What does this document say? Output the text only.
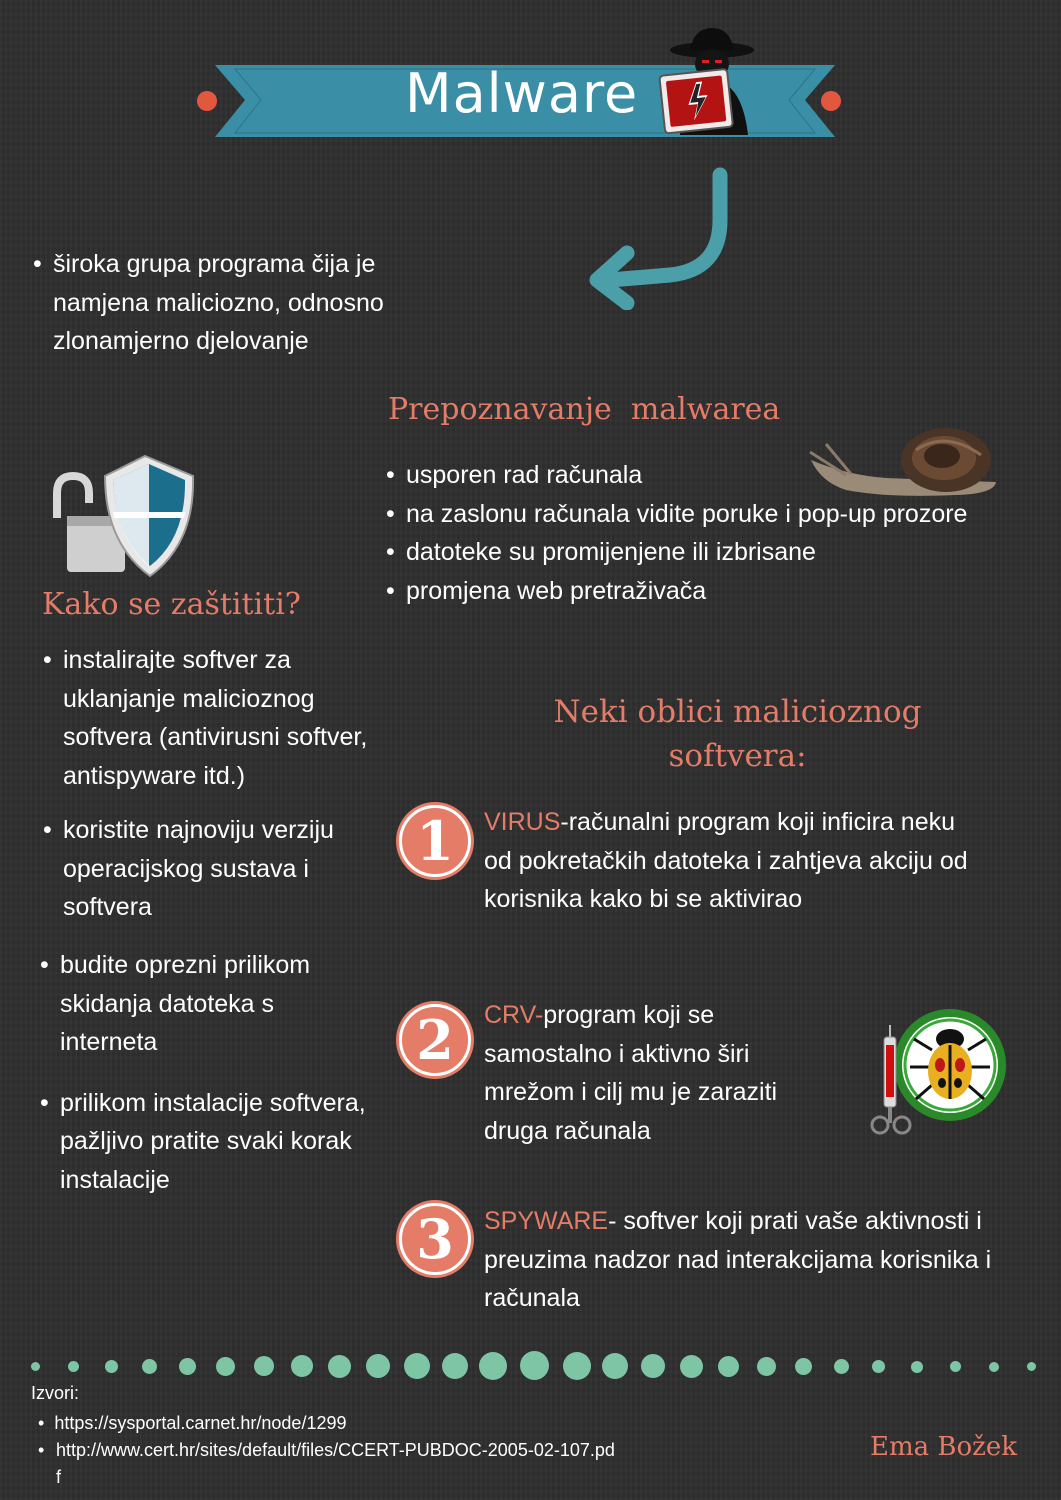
Malware
• široka grupa programa čija je namjena maliciozno, odnosno zlonamjerno djelovanje
Prepoznavanje  malwarea
• usporen rad računala
• na zaslonu računala vidite poruke i pop-up prozore
• datoteke su promijenjene ili izbrisane
• promjena web pretraživača
Kako se zaštititi?
• instalirajte softver za uklanjanje malicioznog softvera (antivirusni softver, antispyware itd.)
• koristite najnoviju verziju operacijskog sustava i softvera
• budite oprezni prilikom skidanja datoteka s interneta
• prilikom instalacije softvera, pažljivo pratite svaki korak instalacije
Neki oblici malicioznog softvera:
1	VIRUS-računalni program koji inficira neku od pokretačkih datoteka i zahtjeva akciju od korisnika kako bi se aktivirao
2	CRV-program koji se samostalno i aktivno širi mrežom i cilj mu je zaraziti druga računala
3	SPYWARE- softver koji prati vaše aktivnosti i preuzima nadzor nad interakcijama korisnika i računala
Izvori:
•  https://sysportal.carnet.hr/node/1299
• http://www.cert.hr/sites/default/files/CCERT-PUBDOC-2005-02-107.pdf
Ema Božek
